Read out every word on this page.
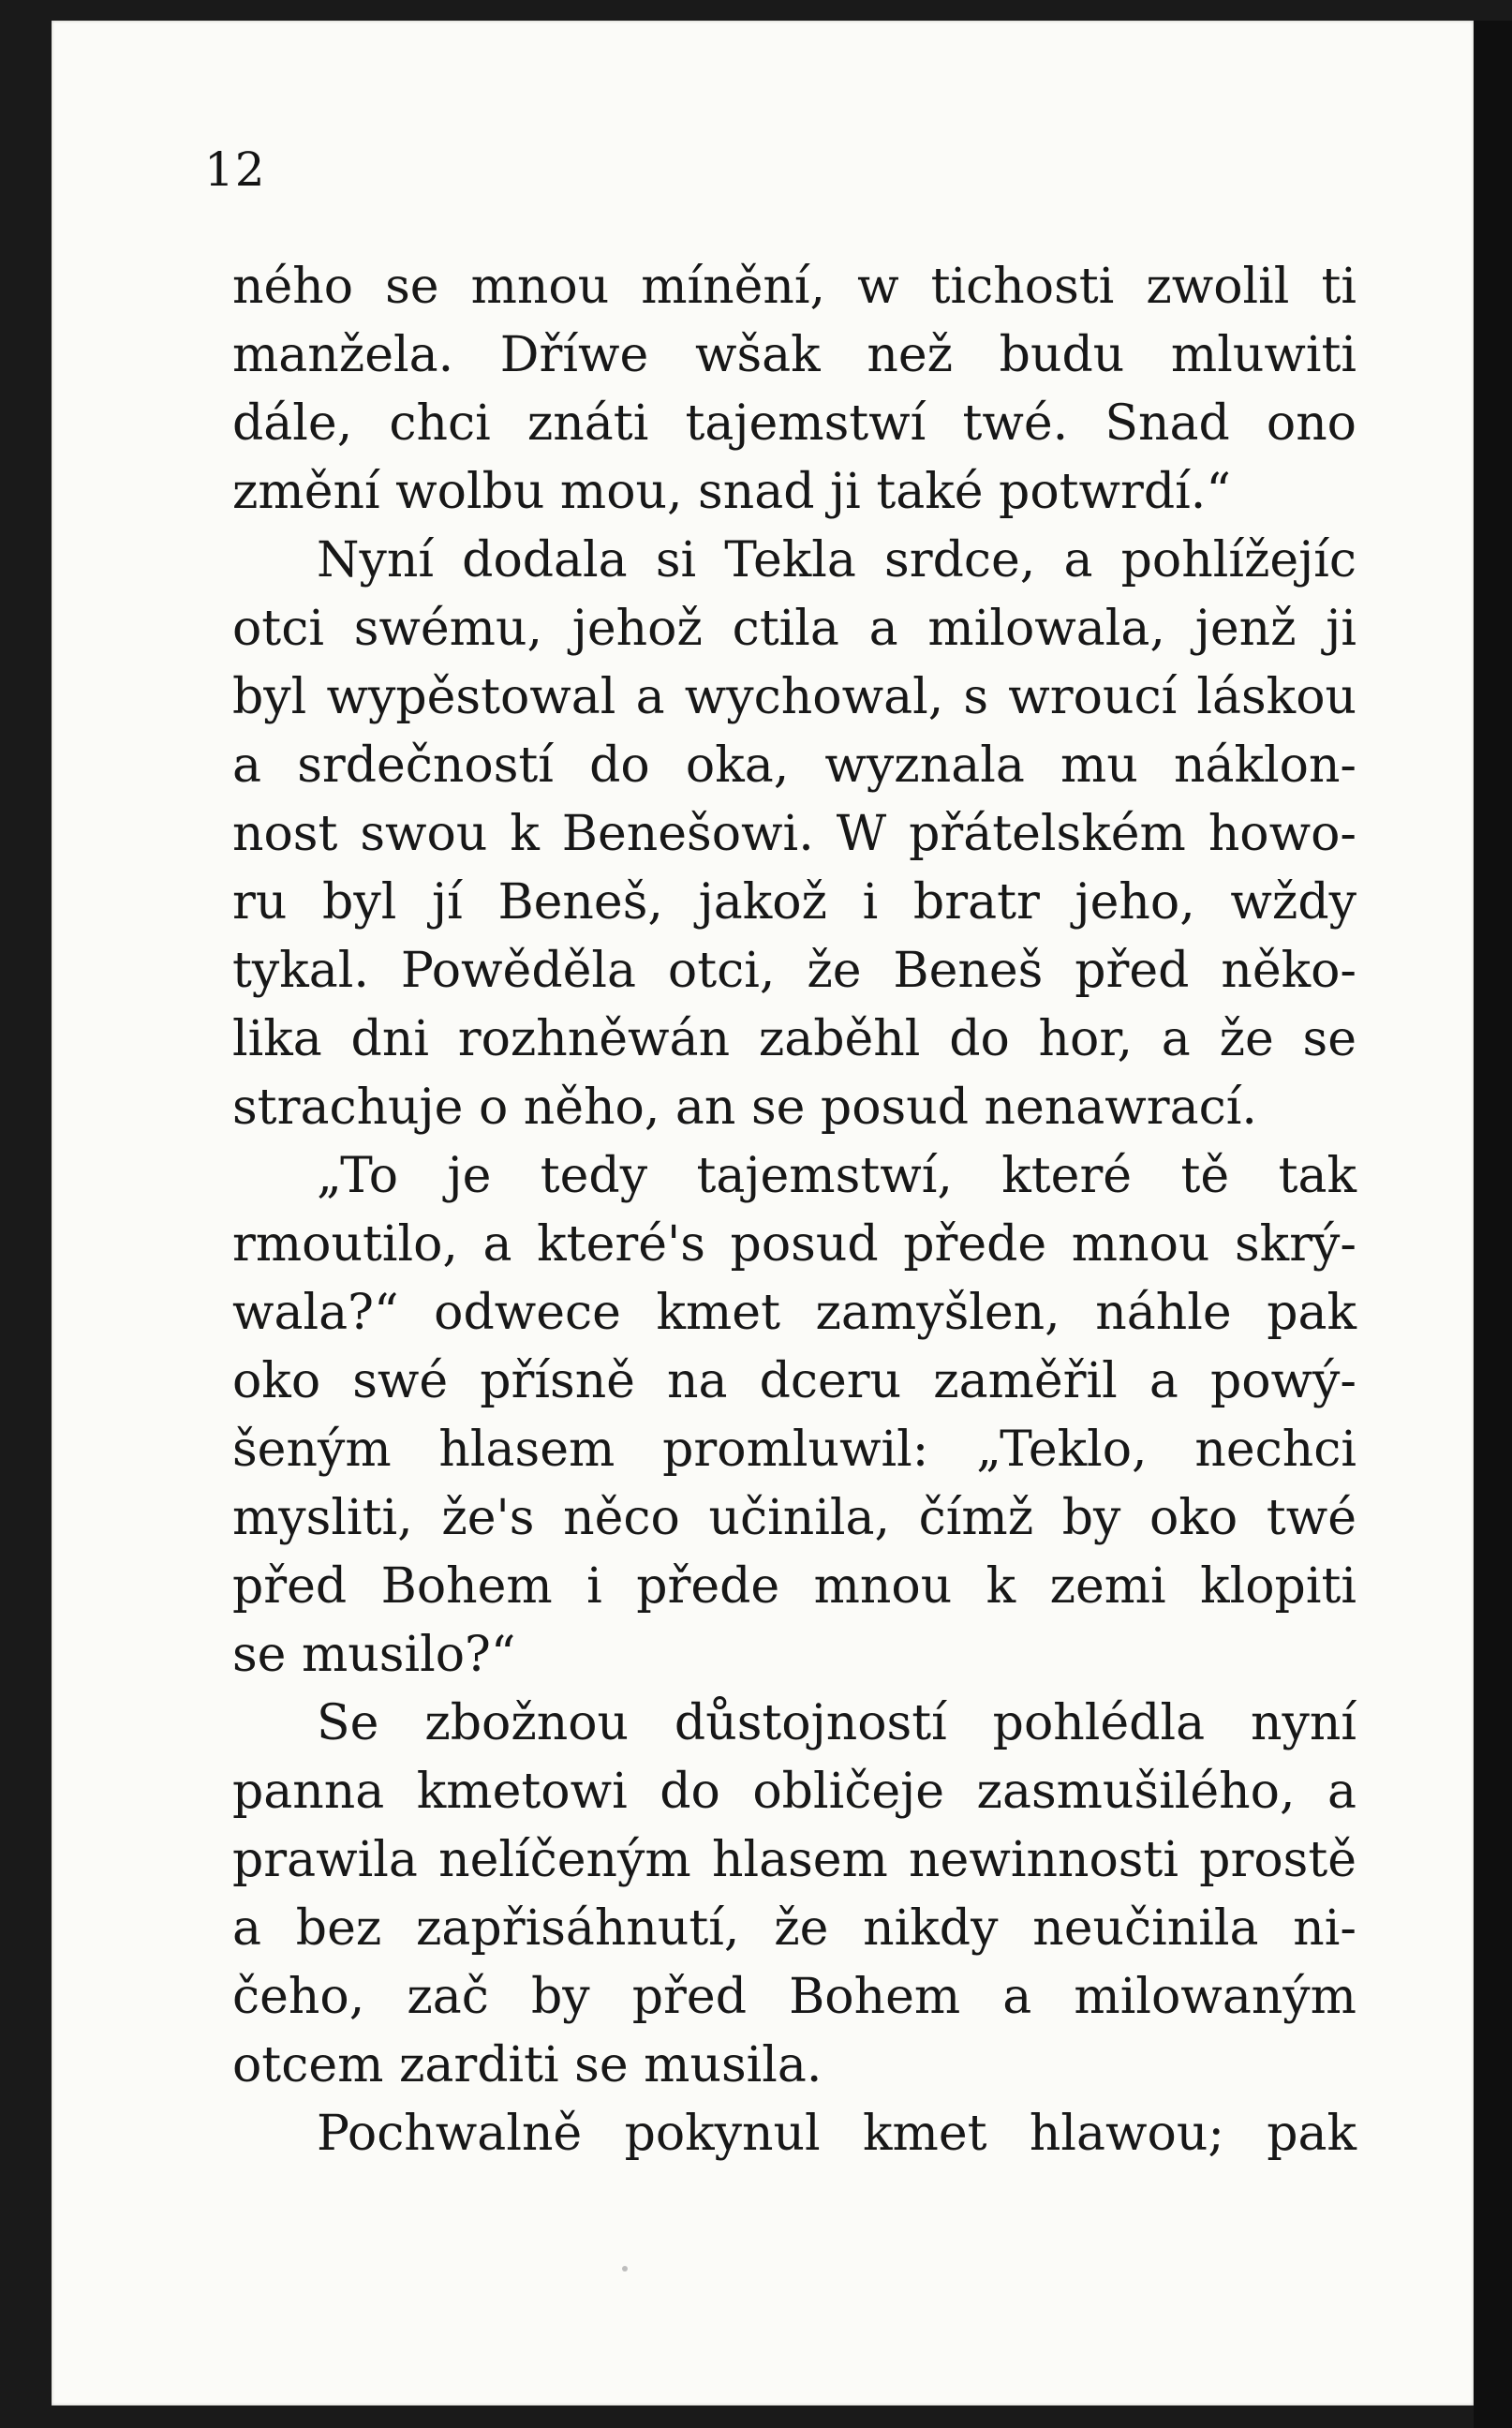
12

ného se mnou mínění, w tichosti zwolil ti
manžela. Dříwe wšak než budu mluwiti
dále, chci znáti tajemstwí twé. Snad ono
změní wolbu mou, snad ji také potwrdí.“

Nyní dodala si Tekla srdce, a pohlížejíc
otci swému, jehož ctila a milowala, jenž ji
byl wypěstowal a wychowal, s wroucí láskou
a srdečností do oka, wyznala mu náklon-
nost swou k Benešowi. W přátelském howo-
ru byl jí Beneš, jakož i bratr jeho, wždy
tykal. Powěděla otci, že Beneš před něko-
lika dni rozhněwán zaběhl do hor, a že se
strachuje o něho, an se posud nenawrací.

„To je tedy tajemstwí, které tě tak
rmoutilo, a které's posud přede mnou skrý-
wala?“ odwece kmet zamyšlen, náhle pak
oko swé přísně na dceru zaměřil a powý-
šeným hlasem promluwil: „Teklo, nechci
mysliti, že's něco učinila, čímž by oko twé
před Bohem i přede mnou k zemi klopiti
se musilo?“

Se zbožnou důstojností pohlédla nyní
panna kmetowi do obličeje zasmušilého, a
prawila nelíčeným hlasem newinnosti prostě
a bez zapřisáhnutí, že nikdy neučinila ni-
čeho, zač by před Bohem a milowaným
otcem zarditi se musila.

Pochwalně pokynul kmet hlawou; pak
